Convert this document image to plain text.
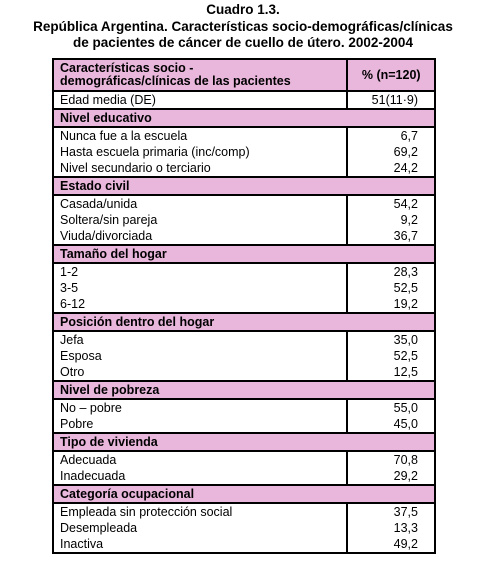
Cuadro 1.3.
República Argentina. Características socio-demográficas/clínicas
de pacientes de cáncer de cuello de útero. 2002-2004
Características socio -
demográficas/clínicas de las pacientes	% (n=120)
Edad media (DE)	51(11·9)
Nivel educativo	
Nunca fue a la escuela	6,7
Hasta escuela primaria (inc/comp)	69,2
Nivel secundario o terciario	24,2
Estado civil	
Casada/unida	54,2
Soltera/sin pareja	9,2
Viuda/divorciada	36,7
Tamaño del hogar	
1-2	28,3
3-5	52,5
6-12	19,2
Posición dentro del hogar	
Jefa	35,0
Esposa	52,5
Otro	12,5
Nivel de pobreza	
No – pobre	55,0
Pobre	45,0
Tipo de vivienda	
Adecuada	70,8
Inadecuada	29,2
Categoría ocupacional	
Empleada sin protección social	37,5
Desempleada	13,3
Inactiva	49,2
